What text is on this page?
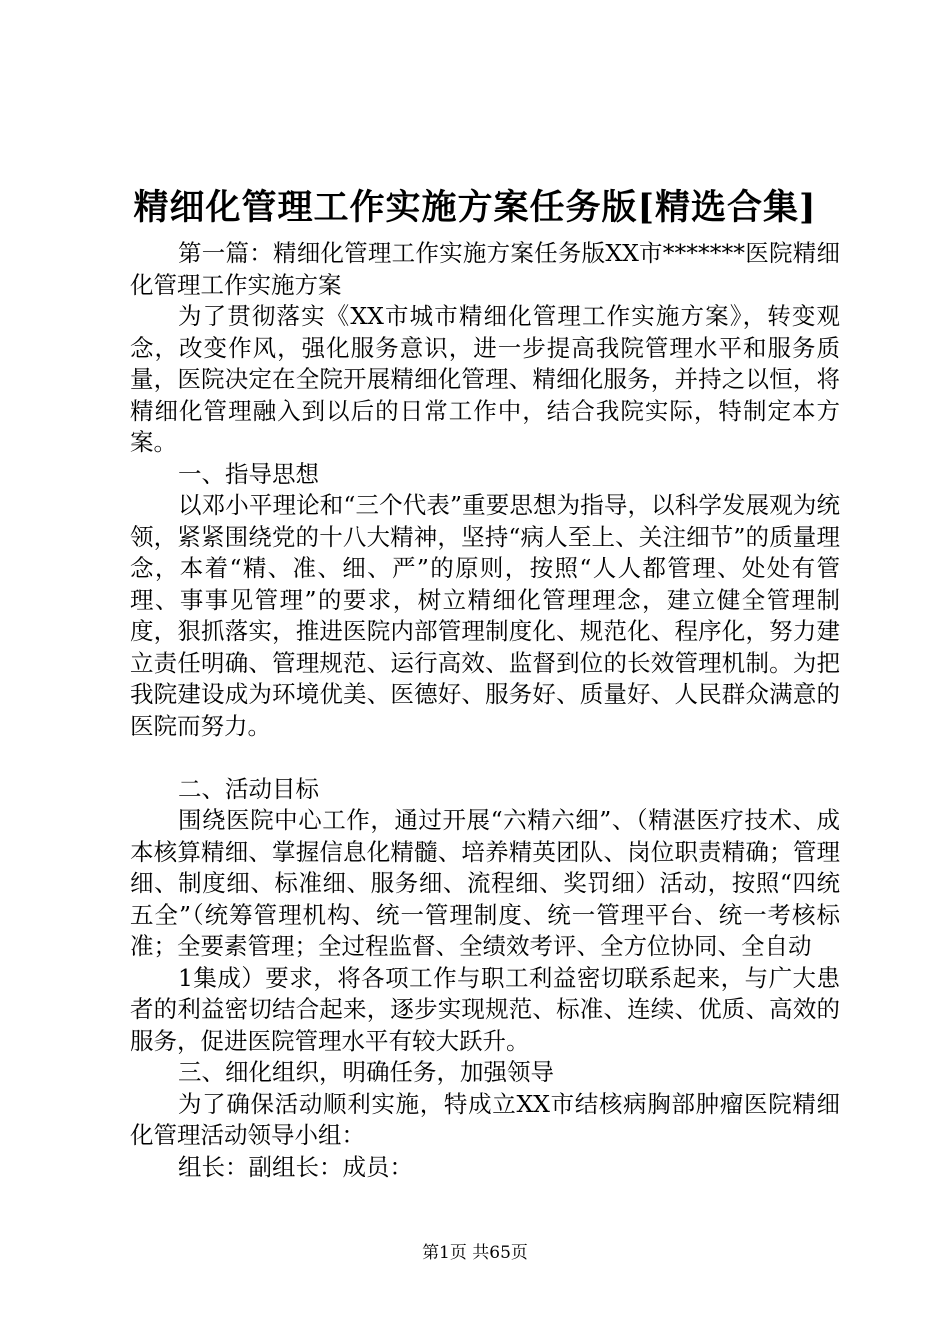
精细化管理工作实施方案任务版[精选合集]

第一篇：精细化管理工作实施方案任务版XX市*******医院精细化管理工作实施方案

为了贯彻落实《XX市城市精细化管理工作实施方案》，转变观念，改变作风，强化服务意识，进一步提高我院管理水平和服务质量，医院决定在全院开展精细化管理、精细化服务，并持之以恒，将精细化管理融入到以后的日常工作中，结合我院实际，特制定本方案。

一、指导思想

以邓小平理论和“三个代表”重要思想为指导，以科学发展观为统领，紧紧围绕党的十八大精神，坚持“病人至上、关注细节”的质量理念，本着“精、准、细、严”的原则，按照“人人都管理、处处有管理、事事见管理”的要求，树立精细化管理理念，建立健全管理制度，狠抓落实，推进医院内部管理制度化、规范化、程序化，努力建立责任明确、管理规范、运行高效、监督到位的长效管理机制。为把我院建设成为环境优美、医德好、服务好、质量好、人民群众满意的医院而努力。

二、活动目标

围绕医院中心工作，通过开展“六精六细”、（精湛医疗技术、成本核算精细、掌握信息化精髓、培养精英团队、岗位职责精确；管理细、制度细、标准细、服务细、流程细、奖罚细）活动，按照“四统五全”（统筹管理机构、统一管理制度、统一管理平台、统一考核标准；全要素管理；全过程监督、全绩效考评、全方位协同、全自动

1集成）要求，将各项工作与职工利益密切联系起来，与广大患者的利益密切结合起来，逐步实现规范、标准、连续、优质、高效的服务，促进医院管理水平有较大跃升。

三、细化组织，明确任务，加强领导

为了确保活动顺利实施，特成立XX市结核病胸部肿瘤医院精细化管理活动领导小组：

组长：副组长：成员：

第1页 共65页
